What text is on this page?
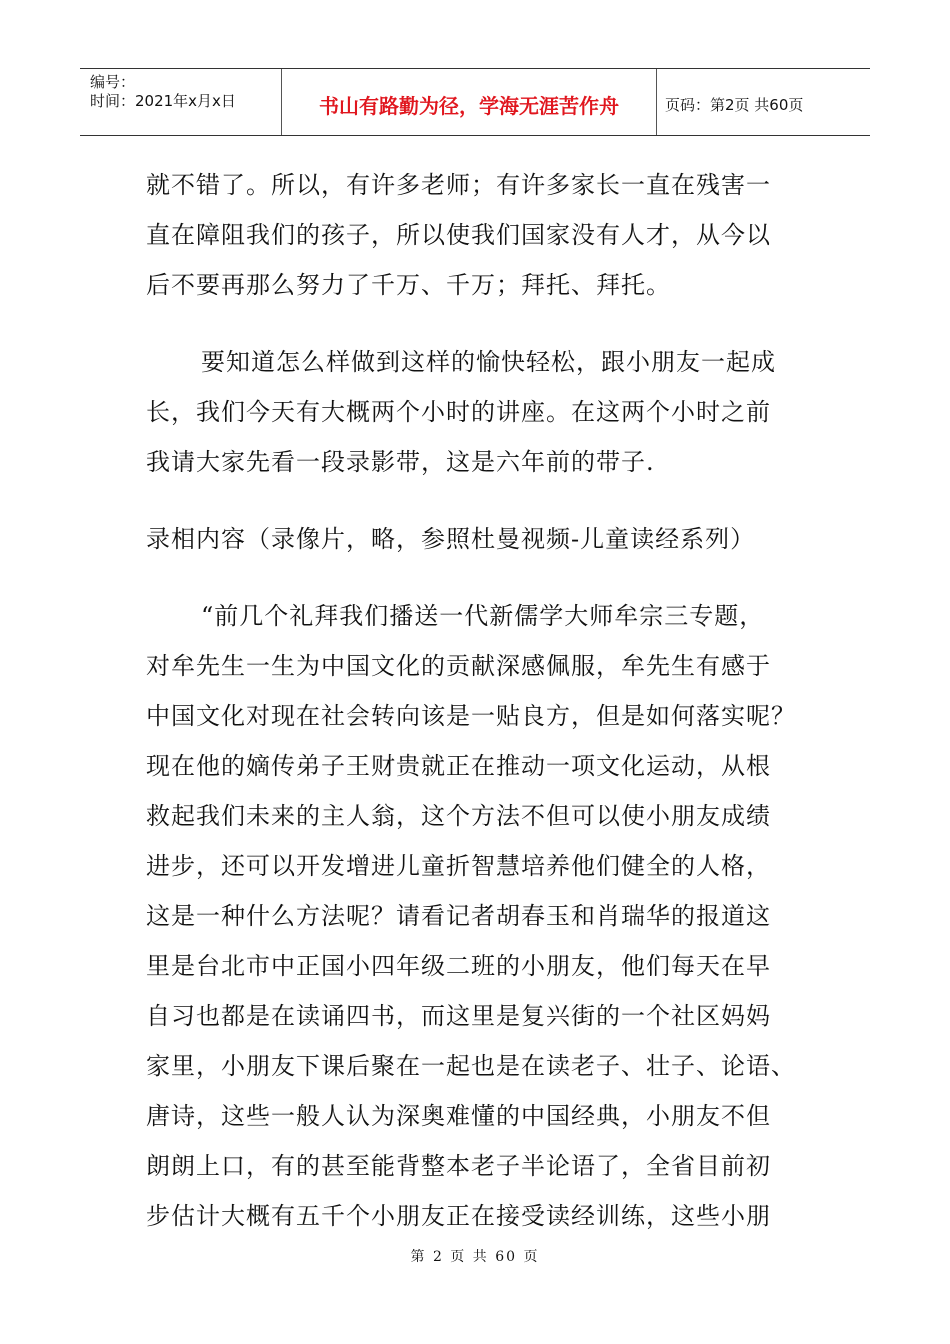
编号：
时间：2021年x月x日	书山有路勤为径，学海无涯苦作舟	页码：第2页 共60页
就不错了。所以，有许多老师；有许多家长一直在残害一
直在障阻我们的孩子，所以使我们国家没有人才，从今以
后不要再那么努力了千万、千万；拜托、拜托。
要知道怎么样做到这样的愉快轻松，跟小朋友一起成
长，我们今天有大概两个小时的讲座。在这两个小时之前
我请大家先看一段录影带，这是六年前的带子.
录相内容（录像片，略，参照杜曼视频-儿童读经系列）
“前几个礼拜我们播送一代新儒学大师牟宗三专题，
对牟先生一生为中国文化的贡献深感佩服，牟先生有感于
中国文化对现在社会转向该是一贴良方，但是如何落实呢？
现在他的嫡传弟子王财贵就正在推动一项文化运动，从根
救起我们未来的主人翁，这个方法不但可以使小朋友成绩
进步，还可以开发增进儿童折智慧培养他们健全的人格，
这是一种什么方法呢？请看记者胡春玉和肖瑞华的报道这
里是台北市中正国小四年级二班的小朋友，他们每天在早
自习也都是在读诵四书，而这里是复兴街的一个社区妈妈
家里，小朋友下课后聚在一起也是在读老子、壮子、论语、
唐诗，这些一般人认为深奥难懂的中国经典，小朋友不但
朗朗上口，有的甚至能背整本老子半论语了，全省目前初
步估计大概有五千个小朋友正在接受读经训练，这些小朋
第 2 页 共 60 页
